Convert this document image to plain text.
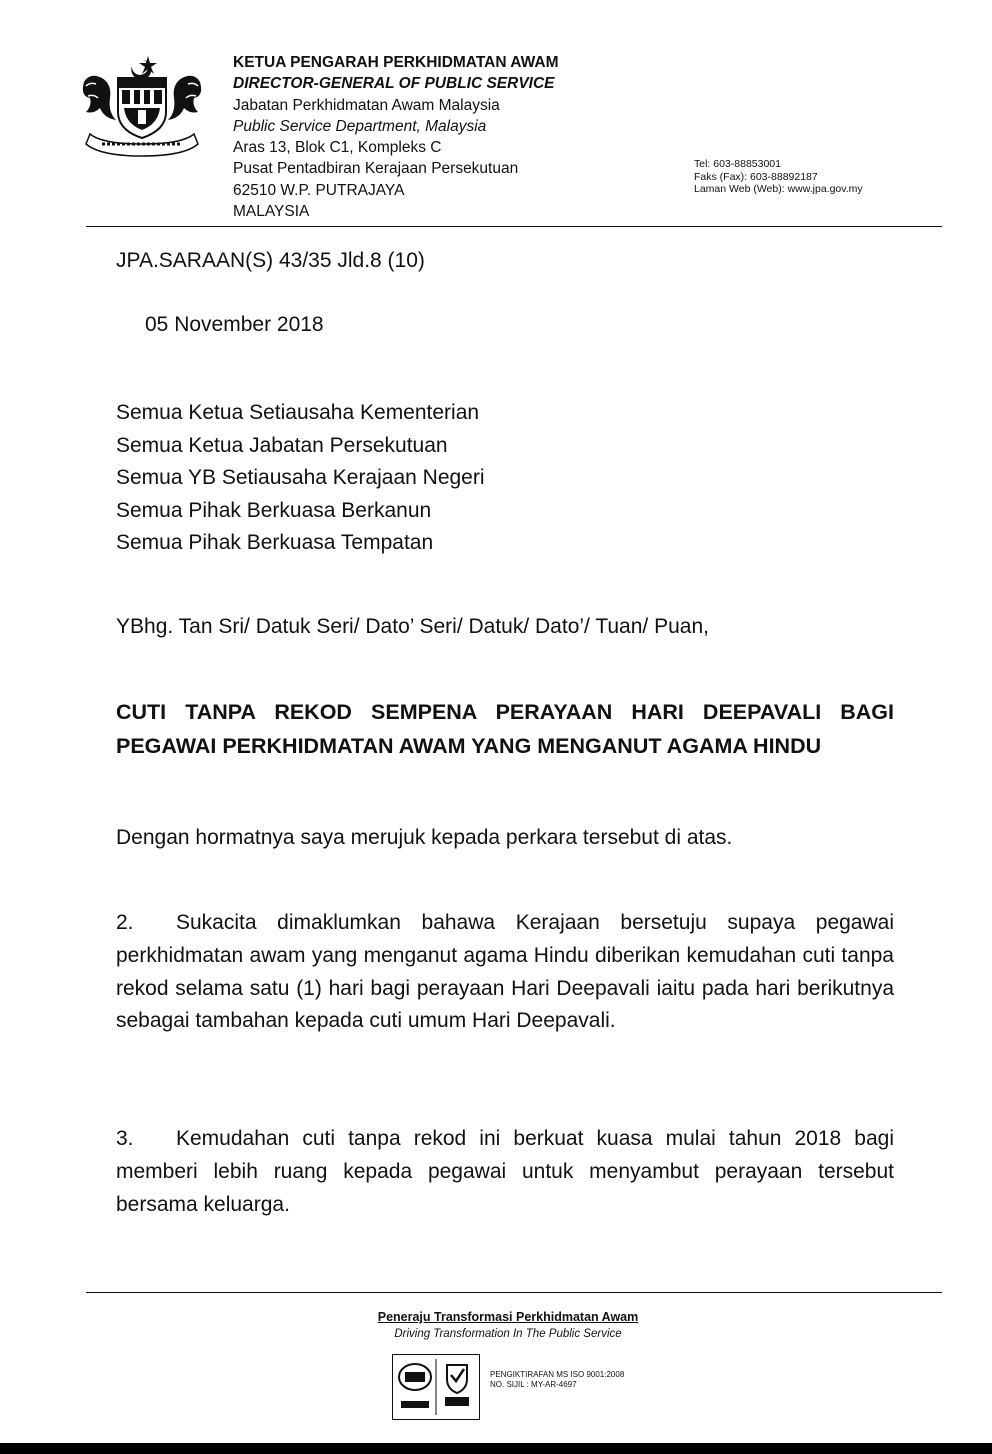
KETUA PENGARAH PERKHIDMATAN AWAM
DIRECTOR-GENERAL OF PUBLIC SERVICE
Jabatan Perkhidmatan Awam Malaysia
Public Service Department, Malaysia
Aras 13, Blok C1, Kompleks C
Pusat Pentadbiran Kerajaan Persekutuan
62510 W.P. PUTRAJAYA
MALAYSIA
Tel: 603-88853001
Faks (Fax): 603-88892187
Laman Web (Web): www.jpa.gov.my
JPA.SARAAN(S) 43/35 Jld.8 (10)
05 November 2018
Semua Ketua Setiausaha Kementerian
Semua Ketua Jabatan Persekutuan
Semua YB Setiausaha Kerajaan Negeri
Semua Pihak Berkuasa Berkanun
Semua Pihak Berkuasa Tempatan
YBhg. Tan Sri/ Datuk Seri/ Dato’ Seri/ Datuk/ Dato’/ Tuan/ Puan,
CUTI TANPA REKOD SEMPENA PERAYAAN HARI DEEPAVALI BAGI PEGAWAI PERKHIDMATAN AWAM YANG MENGANUT AGAMA HINDU
Dengan hormatnya saya merujuk kepada perkara tersebut di atas.
2. Sukacita dimaklumkan bahawa Kerajaan bersetuju supaya pegawai perkhidmatan awam yang menganut agama Hindu diberikan kemudahan cuti tanpa rekod selama satu (1) hari bagi perayaan Hari Deepavali iaitu pada hari berikutnya sebagai tambahan kepada cuti umum Hari Deepavali.
3. Kemudahan cuti tanpa rekod ini berkuat kuasa mulai tahun 2018 bagi memberi lebih ruang kepada pegawai untuk menyambut perayaan tersebut bersama keluarga.
Peneraju Transformasi Perkhidmatan Awam
Driving Transformation In The Public Service
PENGIKTIRAFAN MS ISO 9001:2008
NO. SIJIL : MY-AR-4697
